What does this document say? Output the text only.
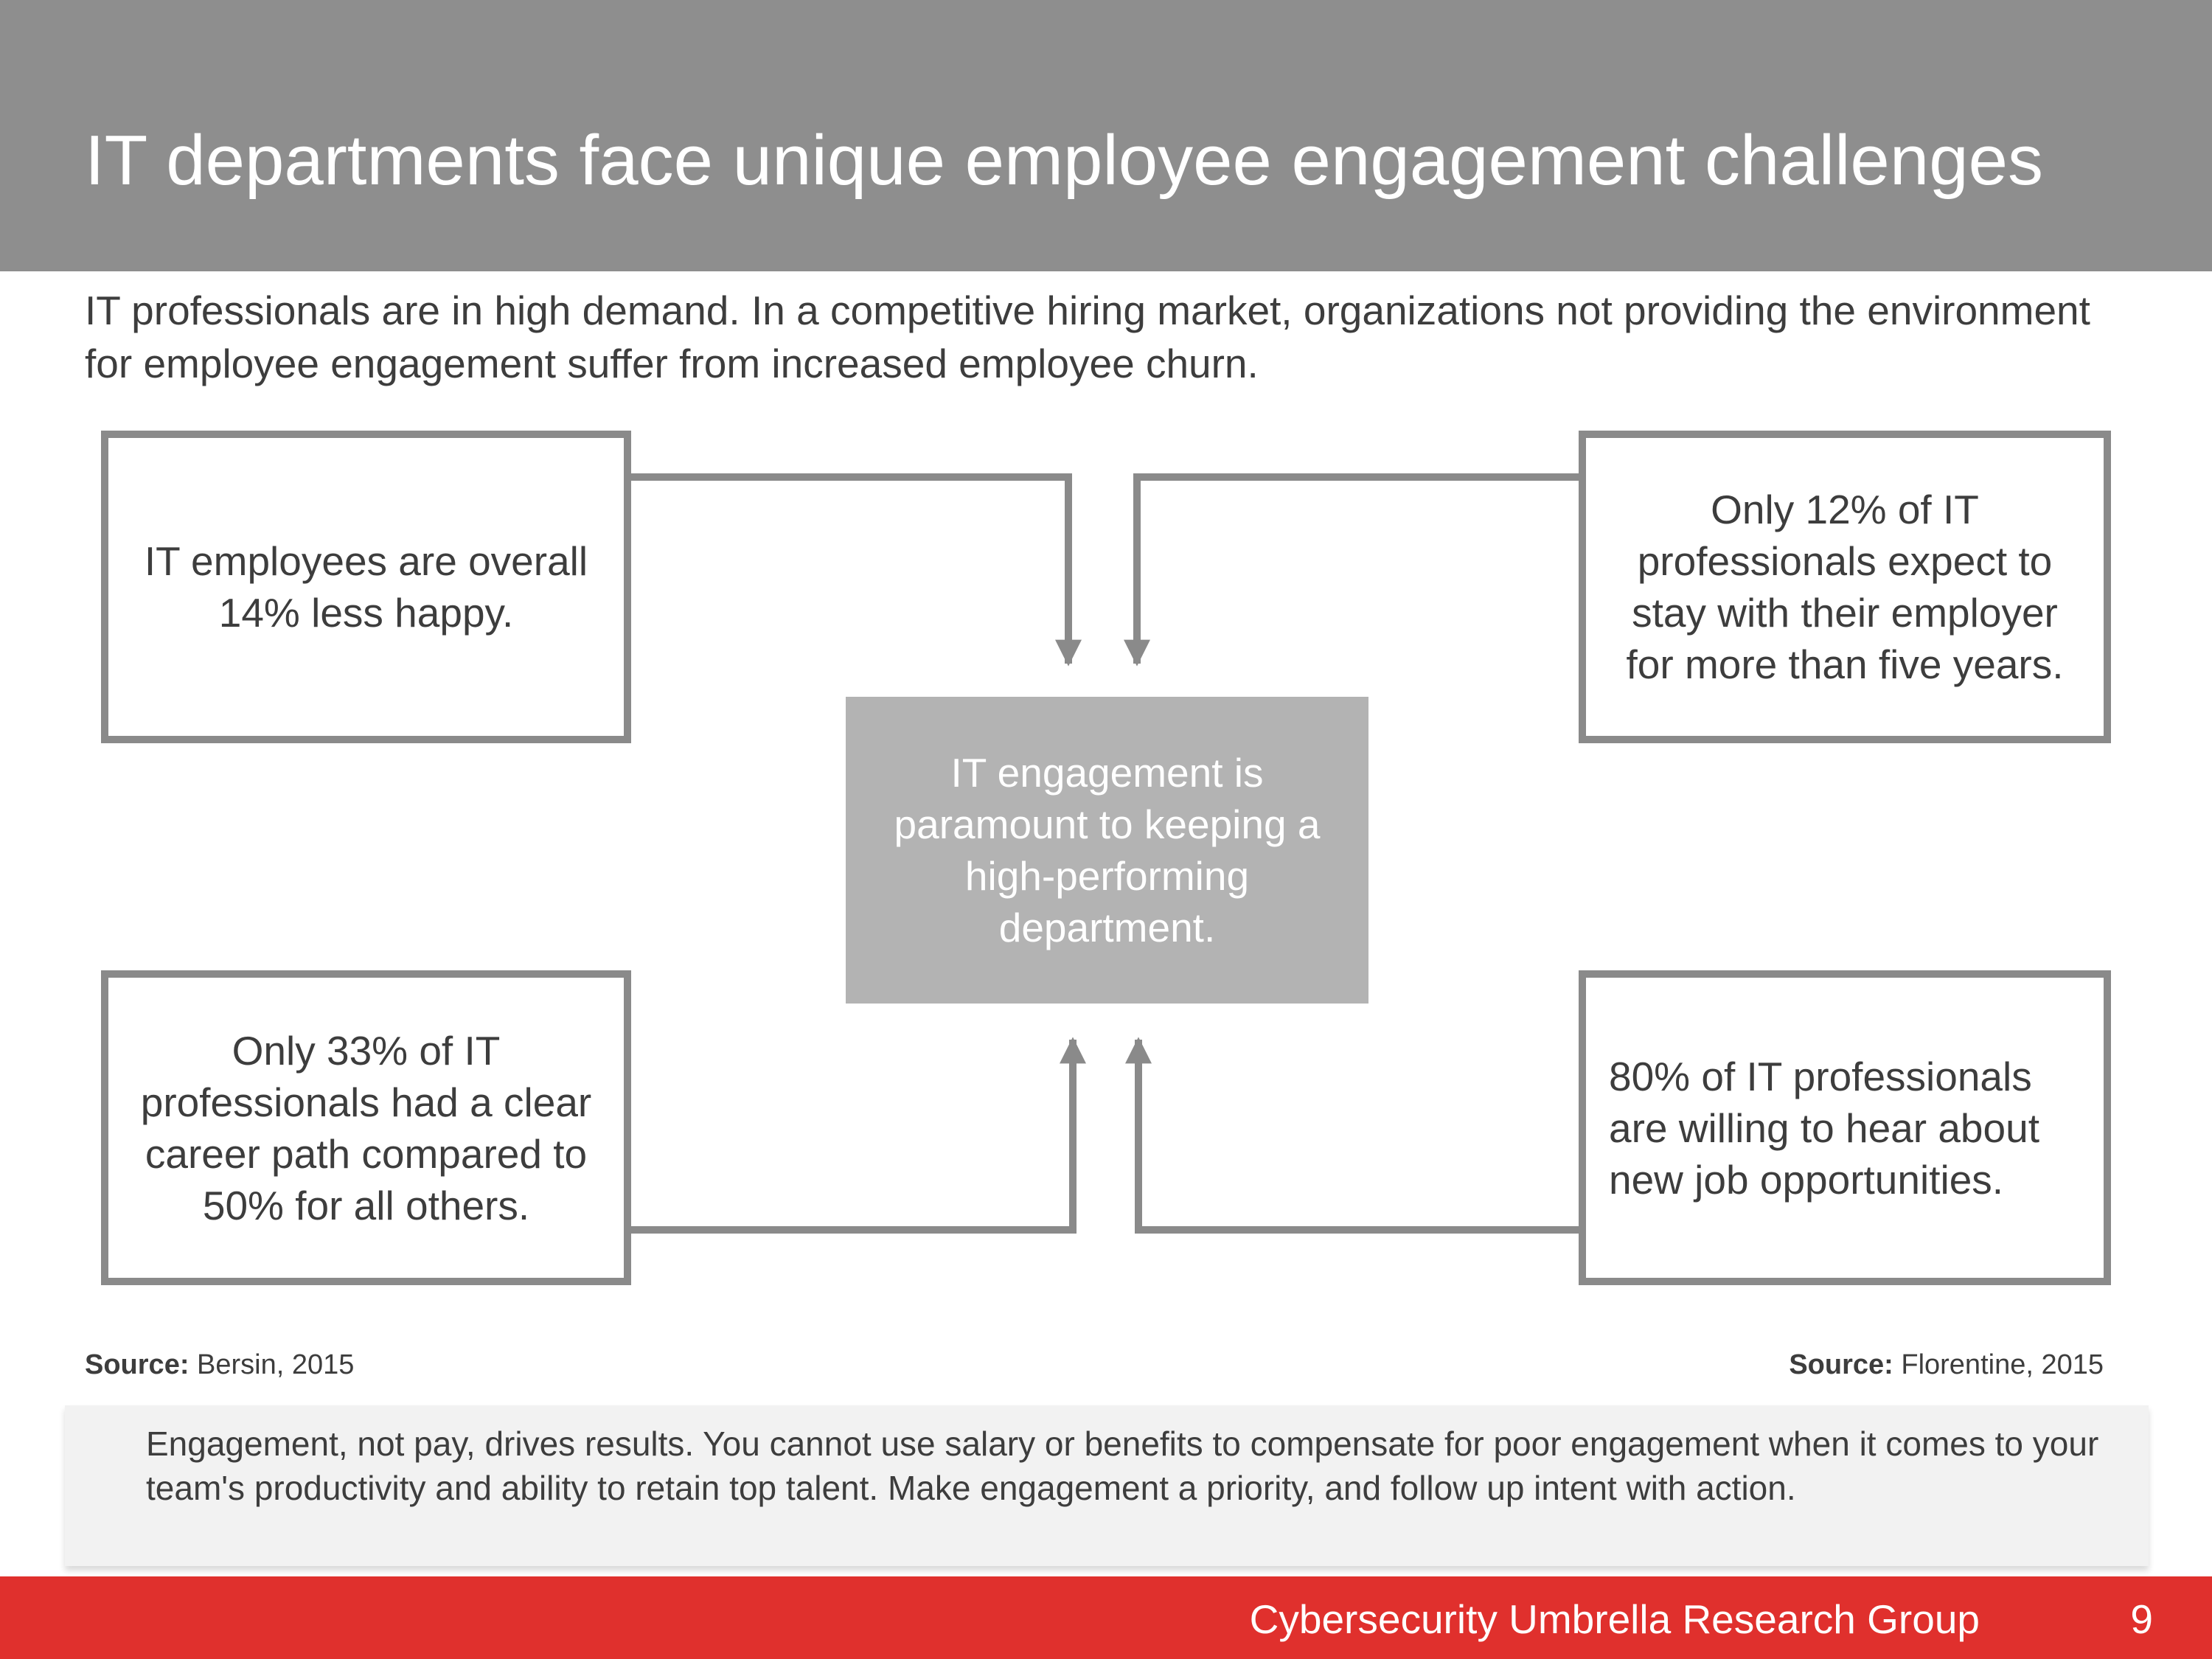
IT departments face unique employee engagement challenges

IT professionals are in high demand. In a competitive hiring market, organizations not providing the environment for employee engagement suffer from increased employee churn.

IT employees are overall 14% less happy.
Only 12% of IT professionals expect to stay with their employer for more than five years.
Only 33% of IT professionals had a clear career path compared to 50% for all others.
80% of IT professionals are willing to hear about new job opportunities.
IT engagement is paramount to keeping a high-performing department.
Source: Bersin, 2015	Source: Florentine, 2015

Engagement, not pay, drives results. You cannot use salary or benefits to compensate for poor engagement when it comes to your team's productivity and ability to retain top talent. Make engagement a priority, and follow up intent with action.

Cybersecurity Umbrella Research Group	9
